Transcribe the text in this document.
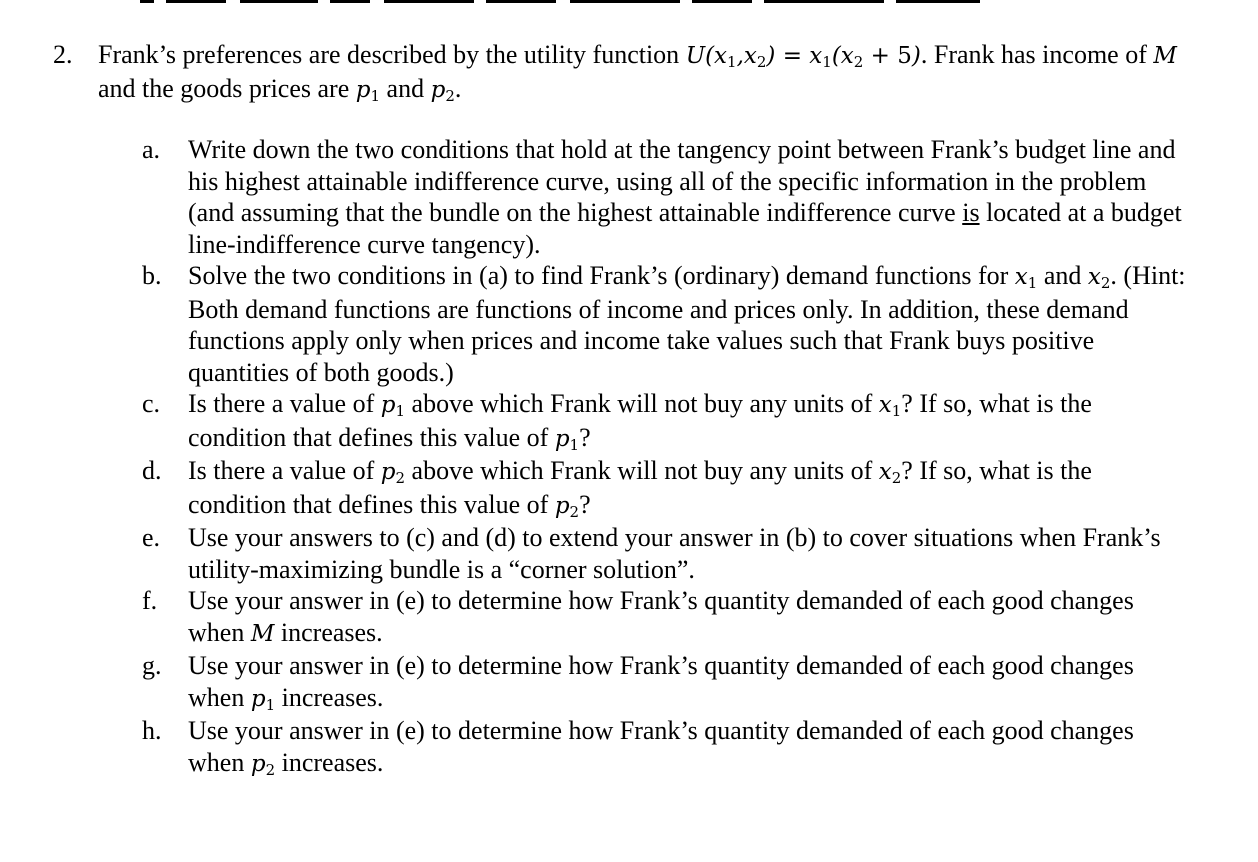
2. Frank’s preferences are described by the utility function $U(x_1,x_2) = x_1(x_2 + 5)$. Frank has income of M and the goods prices are $p_1$ and $p_2$.
a.	Write down the two conditions that hold at the tangency point between Frank’s budget line and his highest attainable indifference curve, using all of the specific information in the problem (and assuming that the bundle on the highest attainable indifference curve is located at a budget line-indifference curve tangency).
b.	Solve the two conditions in (a) to find Frank’s (ordinary) demand functions for $x_1$ and $x_2$. (Hint: Both demand functions are functions of income and prices only. In addition, these demand functions apply only when prices and income take values such that Frank buys positive quantities of both goods.)
c.	Is there a value of $p_1$ above which Frank will not buy any units of $x_1$? If so, what is the condition that defines this value of $p_1$?
d.	Is there a value of $p_2$ above which Frank will not buy any units of $x_2$? If so, what is the condition that defines this value of $p_2$?
e.	Use your answers to (c) and (d) to extend your answer in (b) to cover situations when Frank’s utility-maximizing bundle is a “corner solution”.
f.	Use your answer in (e) to determine how Frank’s quantity demanded of each good changes when M increases.
g.	Use your answer in (e) to determine how Frank’s quantity demanded of each good changes when $p_1$ increases.
h.	Use your answer in (e) to determine how Frank’s quantity demanded of each good changes when $p_2$ increases.
